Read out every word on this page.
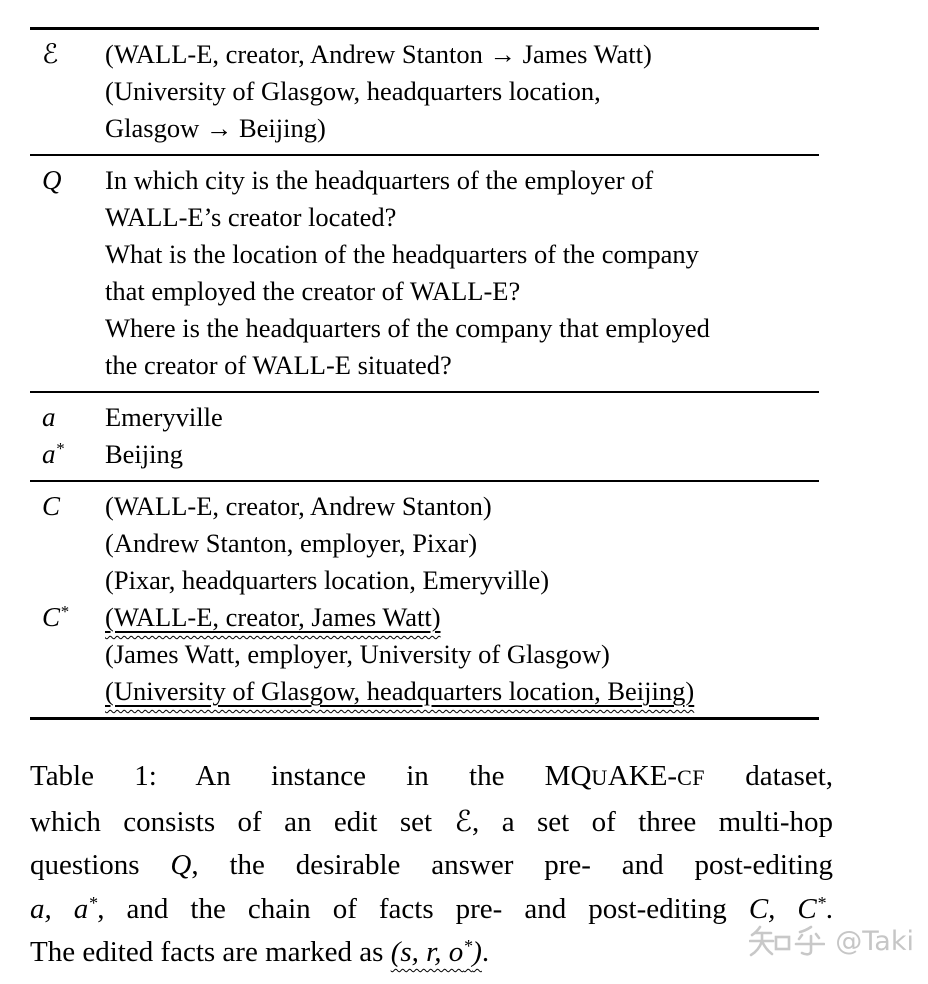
ℰ	(WALL-E, creator, Andrew Stanton → James Watt)
(University of Glasgow, headquarters location,
Glasgow → Beijing)
Q	In which city is the headquarters of the employer of
WALL-E’s creator located?
What is the location of the headquarters of the company
that employed the creator of WALL-E?
Where is the headquarters of the company that employed
the creator of WALL-E situated?
a	Emeryville
a*	Beijing
C	(WALL-E, creator, Andrew Stanton)
(Andrew Stanton, employer, Pixar)
(Pixar, headquarters location, Emeryville)
C*	(WALL-E, creator, James Watt)
(James Watt, employer, University of Glasgow)
(University of Glasgow, headquarters location, Beijing)
Table 1: An instance in the MQUAKE-CF dataset,
which consists of an edit set ℰ, a set of three multi-hop
questions Q, the desirable answer pre- and post-editing
a, a*, and the chain of facts pre- and post-editing C, C*.
The edited facts are marked as (s, r, o*).	@Taki
